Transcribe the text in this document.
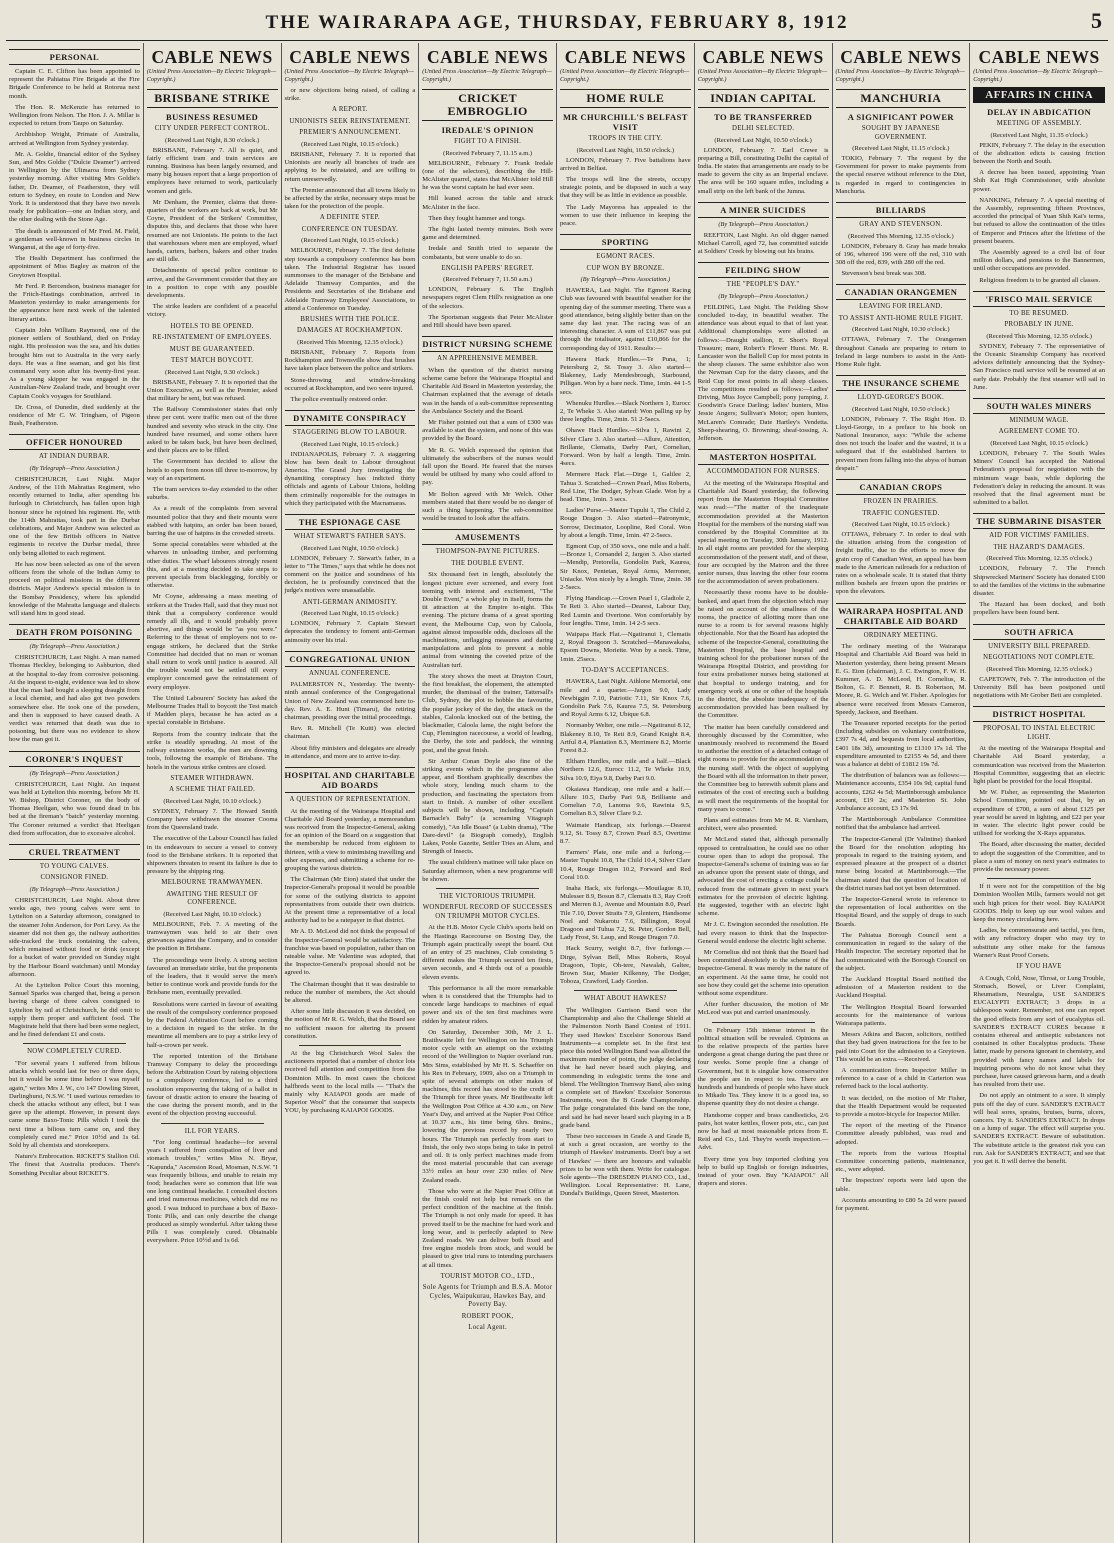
THE WAIRARAPA AGE, THURSDAY, FEBRUARY 8, 1912	5
PERSONAL

Captain C. E. Clifton has been appointed to represent the Pahiatua Fire Brigade at the Fire Brigade Conference to be held at Rotorua next month.

The Hon. R. McKenzie has returned to Wellington from Nelson. The Hon. J. A. Millar is expected to return from Taupo on Saturday.

Archbishop Wright, Primate of Australia, arrived at Wellington from Sydney yesterday.

Mr. A. Goldie, financial editor of the Sydney Sun, and Mrs Goldie ("Dulcie Deamer") arrived in Wellington by the Ulimaroa from Sydney yesterday morning. After visiting Mrs Goldie's father, Dr. Deamer, of Featherston, they will return to Sydney, en route to London and New York. It is understood that they have two novels ready for publication—one an Indian story, and the other dealing with the Stone Age.

The death is announced of Mr Fred. M. Field, a gentleman well-known in business circles in Wanganui, at the age of forty-five.

The Health Department has confirmed the appointment of Miss Bagley as matron of the Greytown Hospital.

Mr Ferd. P. Bercendson, business manager for the Fritch-Hastings combination, arrived in Masterton yesterday to make arrangements for the appearance here next week of the talented literary artists.

Captain John William Raymond, one of the pioneer settlers of Southland, died on Friday night. His profession was the sea, and his duties brought him out to Australia in the very early days. He was a fine seaman, and got his first command very soon after his twenty-first year. As a young skipper he was engaged in the Australian-New Zealand trade, and brought over Captain Cook's voyages for Southland.

Dr. Cross, of Dunedin, died suddenly at the residence of Mr C. W. Tringham, of Pigeon Bush, Featherston.

OFFICER HONOURED
AT INDIAN DURBAR.
(By Telegraph—Press Association.)

CHRISTCHURCH, Last Night. Major Andrew, of the 11th Mahrattas Regiment, who recently returned to India, after spending his furlough in Christchurch, has fallen upon high honour since he rejoined his regiment. He, with the 114th Mahrattas, took part in the Durbar celebrations, and Major Andrew was selected as one of the few British officers in Native regiments to receive the Durbar medal, three only being allotted to each regiment.

He has now been selected as one of the seven officers from the whole of the Indian Army to proceed on political missions in the different districts. Major Andrew's special mission is to the Bombay Presidency, where his splendid knowledge of the Mahratta language and dialects will stand him in good stead.

DEATH FROM POISONING
(By Telegraph—Press Association.)

CHRISTCHURCH, Last Night. A man named Thomas Heckley, belonging to Ashburton, died at the hospital to-day from corrosive poisoning. At the inquest to-night, evidence was led to show that the man had bought a sleeping draught from a local chemist, and had also got two powders somewhere else. He took one of the powders, and then is supposed to have caused death. A verdict was returned that death was due to poisoning, but there was no evidence to show how the man got it.

CORONER'S INQUEST
(By Telegraph—Press Association.)

CHRISTCHURCH, Last Night. An inquest was held at Lyttelton this morning, before Mr H. W. Bishop, District Coroner, on the body of Thomas Heeligan, who was found dead in his bed at the fireman's "batch" yesterday morning. The Coroner returned a verdict that Heeligan died from suffocation, due to excessive alcohol.

CRUEL TREATMENT
TO YOUNG CALVES.
CONSIGNOR FINED.
(By Telegraph—Press Association.)

CHRISTCHURCH, Last Night. About three weeks ago, two young calves were sent to Lyttelton on a Saturday afternoon, consigned to the steamer John Anderson, for Port Levy. As the steamer did not then go, the railway authorities side-tracked the truck containing the calves, which remained without food or drink (except for a bucket of water provided on Sunday night by the Harbour Board watchman) until Monday afternoon.

At the Lyttelton Police Court this morning, Samuel Sparks was charged that, being a person having charge of three calves consigned to Lyttelton by rail at Christchurch, he did omit to supply them proper and sufficient food. The Magistrate held that there had been some neglect, and he fined defendant £1 and costs.

NOW COMPLETELY CURED.

"For several years I suffered from bilious attacks which would last for two or three days, but it would be some time before I was myself again," writes Mrs J. W., c/o 147 Dowling Street, Darlinghurst, N.S.W. "I used various remedies to check the attacks without any effect, but I was gave up the attempt. However, in present days came some Baxo-Tonic Pills which I took the next time a bilious turn came on, and they completely cured me." Price 10½d and 1s 6d. Sold by all chemists and storekeepers.

Nature's Embrocation. RICKET'S Stallion Oil. The finest that Australia produces. There's Something Peculiar about RICKET'S.

CABLE NEWS
(United Press Association—By Electric Telegraph—Copyright.)
BRISBANE STRIKE
BUSINESS RESUMED
CITY UNDER PERFECT CONTROL.
(Received Last Night, 8.30 o'clock.)

BRISBANE, February 7. All is quiet, and fairly efficient tram and train services are running. Business has been largely resumed, and many big houses report that a large proportion of employees have returned to work, particularly women and girls.

Mr Denham, the Premier, claims that three-quarters of the workers are back at work, but Mr Coyne, President of the Strikers' Committee, disputes this, and declares that those who have resumed are not Unionists. He points to the fact that warehouses where men are employed, wharf hands, carters, barbers, bakers and other trades are still idle.

Detachments of special police continue to arrive, and the Government consider that they are in a position to cope with any possible developments.

The strike leaders are confident of a peaceful victory.

HOTELS TO BE OPENED.
RE-INSTATEMENT OF EMPLOYEES.
MUST BE GUARANTEED.
TEST MATCH BOYCOTT.
(Received Last Night, 9.30 o'clock.)

BRISBANE, February 7. It is reported that the Union Executive, as well as the Premier, asked that military be sent, but was refused.

The Railway Commissioner states that only three per cent. were traffic men out of the three hundred and seventy who struck in the city. One hundred have resumed, and some others have asked to be taken back, but have been declined, and their places are to be filled.

The Government has decided to allow the hotels to open from noon till three to-morrow, by way of an experiment.

The tram services to-day extended to the other suburbs.

As a result of the complaints from several mounted police that they and their mounts were stabbed with hatpins, an order has been issued, barring the use of hatpins in the crowded streets.

Some special constables were whistled at the wharves in unloading timber, and performing other duties. The wharf labourers strongly resent this, and at a meeting decided to take steps to prevent specials from blacklegging, forcibly or otherwise.

Mr Coyne, addressing a mass meeting of strikers at the Trades Hall, said that they must not think that a compulsory conference would remedy all ills, and it would probably prove abortive, and things would be "as you were." Referring to the threat of employers not to re-engage strikers, he declared that the Strike Committee had decided that no man or woman shall return to work until justice is assured. All the trouble would not be settled till every employer concerned gave the reinstatement of every employee.

The United Labourers' Society has asked the Melbourne Trades Hall to boycott the Test match if Madden plays, because he has acted as a special constable in Brisbane.

Reports from the country indicate that the strike is steadily spreading. At most of the railway extension works, the men are downing tools, following the example of Brisbane. The hotels in the various strike centres are closed.

STEAMER WITHDRAWN.
A SCHEME THAT FAILED.
(Received Last Night, 10.10 o'clock.)

SYDNEY, February 7. The Howard Smith Company have withdrawn the steamer Cooma from the Queensland trade.

The executive of the Labour Council has failed in its endeavours to secure a vessel to convey food to the Brisbane strikers. It is reported that shipowners threaten to resent its failure is due to pressure by the shipping ring.

MELBOURNE TRAMWAYMEN.
AWAITING THE RESULT OF CONFERENCE.
(Received Last Night, 10.10 o'clock.)

MELBOURNE, Feb. 7. A meeting of the tramwaymen was held to air their own grievances against the Company, and to consider the position in Brisbane.

The proceedings were lively. A strong section favoured an immediate strike, but the proponents of the leaders, that it would serve the men's better to continue work and provide funds for the Brisbane men, eventually prevailed.

Resolutions were carried in favour of awaiting the result of the compulsory conference proposed by the Federal Arbitration Court before coming to a decision in regard to the strike. In the meantime all members are to pay a strike levy of half-a-crown per week.

The reported intention of the Brisbane Tramway Company to delay the proceedings before the Arbitration Court by raising objections to a compulsory conference, led to a third resolution empowering the taking of a ballot in favour of drastic action to ensure the hearing of the case during the present month, and in the event of the objection proving successful.

ILL FOR YEARS.

"For long continual headache—for several years I suffered from constipation of liver and stomach troubles," writes Miss N. Bryar, "Kapunda," Ascension Road, Mosman, N.S.W. "I was frequently bilious, and unable to retain my food; headaches were so common that life was one long continual headache. I consulted doctors and tried numerous medicines, which did me no good. I was induced to purchase a box of Baxo-Tonic Pills, and can only describe the change produced as simply wonderful. After taking these Pills I was completely cured. Obtainable everywhere. Price 10½d and 1s 6d.

CABLE NEWS
(United Press Association—By Electric Telegraph—Copyright.)

or new objections being raised, of calling a strike.

A REPORT.
UNIONISTS SEEK REINSTATEMENT.
PREMIER'S ANNOUNCEMENT.
(Received Last Night, 10.15 o'clock.)

BRISBANE, February 7. It is reported that Unionists are nearly all branches of trade are applying to be reinstated, and are willing to return unreservedly.

The Premier announced that all towns likely to be affected by the strike, necessary steps must be taken for the protection of the people.

A DEFINITE STEP.
CONFERENCE ON TUESDAY.
(Received Last Night, 10.15 o'clock.)

MELBOURNE, February 7. The first definite step towards a compulsory conference has been taken. The Industrial Registrar has issued summonses to the manager of the Brisbane and Adelaide Tramway Companies, and the Presidents and Secretaries of the Brisbane and Adelaide Tramway Employees' Associations, to attend a Conference on Tuesday.

BRUSHES WITH THE POLICE.
DAMAGES AT ROCKHAMPTON.
(Received This Morning, 12.35 o'clock.)

BRISBANE, February 7. Reports from Rockhampton and Townsville show that brushes have taken place between the police and strikers.

Stone-throwing and window-breaking occurred at Rockhampton, and two were injured.

The police eventually restored order.

DYNAMITE CONSPIRACY
STAGGERING BLOW TO LABOUR.
(Received Last Night, 10.15 o'clock.)

INDIANAPOLIS, February 7. A staggering blow has been dealt to Labour throughout America. The Grand Jury investigating the dynamiting conspiracy has indicted thirty officials and agents of Labour Unions, holding them criminally responsible for the outrages in which they participated with the Macnamaras.

THE ESPIONAGE CASE
WHAT STEWART'S FATHER SAYS.
(Received Last Night, 10.50 o'clock.)

LONDON, February 7. Stewart's father, in a letter to "The Times," says that while he does not comment on the justice and soundness of his decision, he is profoundly convinced that the judge's motives were unassailable.

ANTI-GERMAN ANIMOSITY.
(Received Last Night, 10.15 o'clock.)

LONDON, February 7. Captain Stewart deprecates the tendency to foment anti-German animosity over his trial.

CONGREGATIONAL UNION
ANNUAL CONFERENCE.

PALMERSTON N., Yesterday. The twenty-ninth annual conference of the Congregational Union of New Zealand was commenced here to-day. Rev. A. E. Hunt (Timaru), the retiring chairman, presiding over the initial proceedings.

Rev. R. Mitchell (Te Kuiti) was elected chairman.

About fifty ministers and delegates are already in attendance, and more are to arrive to-day.

HOSPITAL AND CHARITABLE AID BOARDS
A QUESTION OF REPRESENTATION.

At the meeting of the Wairarapa Hospital and Charitable Aid Board yesterday, a memorandum was received from the Inspector-General, asking for an opinion of the Board on a suggestion that the membership be reduced from eighteen to thirteen, with a view to minimising travelling and other expenses, and submitting a scheme for re-grouping the various districts.

The Chairman (Mr Eton) stated that under the Inspector-General's proposal it would be possible for some of the outlying districts to appoint representatives from outside their own districts. At the present time a representative of a local authority had to be a ratepayer in that district.

Mr A. D. McLeod did not think the proposal of the Inspector-General would be satisfactory. The franchise was based on population, rather than on rateable value. Mr Valentine was adopted, that the Inspector-General's proposal should not be agreed to.

The Chairman thought that it was desirable to reduce the number of members, the Act should be altered.

After some little discussion it was decided, on the motion of Mr R. G. Welch, that the Board see no sufficient reason for altering its present constitution.

At the big Christchurch Wool Sales the auctioneers reported that a number of choice lots received full attention and competition from the Dominion Mills. In most cases the choicest halfbreds went to the local mills — "That's the mainly why KAIAPOI goods are made of Superior Wool" that the consumer that suspects YOU, by purchasing KAIAPOI GOODS.

CABLE NEWS
(United Press Association—By Electric Telegraph—Copyright.)
CRICKET EMBROGLIO
IREDALE'S OPINION
FIGHT TO A FINISH.
(Received February 7, 11.15 a.m.)

MELBOURNE, February 7. Frank Iredale (one of the selectors), describing the Hill-McAlister quarrel, states that McAlister told Hill he was the worst captain he had ever seen.

Hill leaned across the table and struck McAlister in the face.

Then they fought hammer and tongs.

The fight lasted twenty minutes. Both were game and determined.

Iredale and Smith tried to separate the combatants, but were unable to do so.

ENGLISH PAPERS' REGRET.
(Received February 7, 11.50 a.m.)

LONDON, February 6. The English newspapers regret Clem Hill's resignation as one of the selectors.

The Sportsman suggests that Peter McAlister and Hill should have been spared.

DISTRICT NURSING SCHEME
AN APPREHENSIVE MEMBER.

When the question of the district nursing scheme came before the Wairarapa Hospital and Charitable Aid Board in Masterton yesterday, the Chairman explained that the average of details was in the hands of a sub-committee representing the Ambulance Society and the Board.

Mr Fisher pointed out that a sum of £300 was available to start the system, and none of this was provided by the Board.

Mr R. G. Welch expressed the opinion that ultimately the subscribers of the nurses would fall upon the Board. He feared that the nurses would be utilised by many who could afford to pay.

Mr Bolton agreed with Mr Welch. Other members stated that there would be no danger of such a thing happening. The sub-committee would be trusted to look after the affairs.

AMUSEMENTS
THOMPSON-PAYNE PICTURES.
THE DOUBLE EVENT.

Six thousand feet in length, absolutely the longest picture ever screened, and every foot teeming with interest and excitement, "The Double Event," a whole play in itself, forms the tit attraction at the Empire to-night. This evening. The picture drama of a great sporting event, the Melbourne Cup, won by Caloola, against almost impossible odds, discloses all the machinations, unflagging measures and daring manipulations and plots to prevent a noble animal from winning the coveted prize of the Australian turf.

The story shows the meet at Drayton Court, the first breakfast, the elopement, the attempted murder, the dismissal of the trainer, Tattersall's Club, Sydney, the plot to hobble the favourite, the popular jockey of the day, the attack on the stables, Caloola knocked out of the betting, the blackmailer, Caloola lame, the night before the Cup, Flemington racecourse, a world of leading, the Derby, the tote and paddock, the winning post, and the great finish.

Sir Arthur Conan Doyle also fine of the striking events which in the programme also appear, and Bootham graphically describes the whole story, lending much charm to the production, and fascinating the spectators from start to finish. A number of other excellent subjects will be shown, including "Captain Barnacle's Baby" (a screaming Vitagraph comedy), "An Idle Boast" (a Lubin drama), "The Dare-devil" (a Biograph comedy), English Lakes, Poole Gazette, Settler Tries an Alum, and Strength of Insects.

The usual children's matinee will take place on Saturday afternoon, when a new programme will be shown.

THE VICTORIOUS TRIUMPH.
WONDERFUL RECORD OF SUCCESSES ON TRIUMPH MOTOR CYCLES.

At the H.B. Motor Cycle Club's sports held on the Hastings Racecourse on Boxing Day, the Triumph again practically swept the board. Out of an entry of 25 machines, Club consisting 5 different makes the Triumph secured ten firsts, seven seconds, and 4 thirds out of a possible eleven events.

This performance is all the more remarkable when it is considered that the Triumphs had to concede large handicaps to machines of equal power and six of the ten first machines were ridden by amateur riders.

On Saturday, December 30th, Mr J. L. Braithwaite left for Wellington on his Triumph motor cycle with an attempt on the existing record of the Wellington to Napier overland run. Mrs Sims, established by Mr H. S. Schaeffer on his Rex in February, 1909, also on a Triumph in spite of several attempts on other makes of machines, this record has stood to the credit of the Triumph for three years. Mr Braithwaite left the Wellington Post Office at 4.30 a.m., on New Year's Day, and arrived at the Napier Post Office at 10.37 a.m., his time being 6hrs. 8mins., lowering the previous record by nearly two hours. The Triumph ran perfectly from start to finish, the only two stops being to take in petrol and oil. It is only perfect machines made from the most material procurable that can average 33½ miles an hour over 230 miles of New Zealand roads.

Those who were at the Napier Post Office at the finish could not help but remark on the perfect condition of the machine at the finish. The Triumph is not only made for speed. It has proved itself to be the machine for hard work and long wear, and is perfectly adapted to New Zealand roads. We can deliver both fixed and free engine models from stock, and would be pleased to give trial runs to intending purchasers at all times.

TOURIST MOTOR CO., LTD.,
Sole Agents for Triumph and B.S.A. Motor Cycles, Waipukurau, Hawkes Bay, and Poverty Bay.
ROBERT POOK,
Local Agent.
CABLE NEWS
(United Press Association—By Electric Telegraph—Copyright.)
HOME RULE
MR CHURCHILL'S BELFAST VISIT
TROOPS IN THE CITY.
(Received Last Night, 10.50 o'clock.)

LONDON, February 7. Five battalions have arrived in Belfast.

The troops will line the streets, occupy strategic points, and be disposed in such a way that they will be as little in evidence as possible.

The Lady Mayoress has appealed to the women to use their influence in keeping the peace.

SPORTING
EGMONT RACES.
CUP WON BY BRONZE.
(By Telegraph—Press Association.)

HAWERA, Last Night. The Egmont Racing Club was favoured with beautiful weather for the opening day of the summer meeting. There was a good attendance, being slightly better than on the same day last year. The racing was of an interesting character. A sum of £11,867 was put through the totalisator, against £10,866 for the corresponding day of 1911. Results:—

Hawera Hack Hurdles.—Te Puna, 1; Petersburg 2, St. Tossy 3. Also started—Blakeney, Lady Mendesbrough, Starbound, Pilligan. Won by a bare neck. Time, 1min. 44 1-5 secs.

Whenuku Hurdles.—Black Northern 1, Eurocc 2, Te Wheke 3. Also started: Won palling up by three lengths. Time, 2min. 51 2-5secs.

Ohawe Hack Hurdles.—Silva 1, Rawini 2, Silver Clare 3. Also started:—Allure, Attention, Brillante, Clematis, Darby Pari, Cornelian, Forward. Won by half a length. Time, 2min. 4secs.

Mermere Hack Flat.—Dirge 1, Galilee 2, Tahua 3. Scratched—Crown Pearl, Miss Roberts, Red Line, The Dodger, Sylvan Glade. Won by a head. Time, 1min. 3 secs.

Ladies' Purse.—Master Tupuhi 1, The Child 2, Rouge Dragon 3. Also started—Patronymic, Sorrow, Decimator, Loopline, Red Coral. Won by about a length. Time, 1min. 47 2-5secs.

Egmont Cup, of 350 sovs., one mile and a half.—Bronze 1, Cornandel 2, Jargon 3. Also started—Mendip, Pretorella, Gondolin Park, Kaurea, Sir Knox, Pentetan, Royal Arms, Merroner, Uniacke. Won nicely by a length. Time, 2min. 38 2-5secs.

Flying Handicap.—Crown Pearl 1, Gladiole 2, Te Reti 3. Also started—Dearest, Labour Day, Red Lumin and Overtone. Won comfortably by four lengths. Time, 1min. 14 2-5 secs.

Waipapa Hack Flat.—Ngatiranui 1, Clematis 2, Royal Dragoon 3. Scratched—Manawakaha, Epsom Downs, Moriette. Won by a neck. Time, 1min. 25secs.

TO-DAY'S ACCEPTANCES.

HAWERA, Last Night. Athlone Memorial, one mile and a quarter.—Jargon 9.0, Lady Newbiggin 7.10, Patriotic 7.11, Sir Knox 7.6, Gondolin Park 7.6, Kaurea 7.5, St. Petersburg and Royal Arms 6.12, Ubique 6.8.

Normanby Welter, one mile.—Ngatiranui 8.12, Blakeney 8.10, Te Reti 8.9, Grand Knight 8.4, Artful 8.4, Plantation 8.3, Merrimere 8.2, Morrie Forest 8.2.

Eltham Hurdles, one mile and a half.—Black Northern 12.6, Eurocc 11.2, Te Wheke 10.9, Silva 10.9, Eiya 9.8, Darby Pari 9.0.

Okaiawa Handicap, one mile and a half.—Allure 10.5, Darby Pari 9.8, Brilliante and Cornelian 7.0, Lanoma 9.6, Rawinia 9.5, Cornelian 8.3, Silver Clare 9.2.

Waimate Handicap, six furlongs.—Dearest 9.12, St. Tossy 8.7, Crown Pearl 8.5, Overtime 8.7.

Farmers' Plate, one mile and a furlong.—Master Tupuhi 10.8, The Child 10.4, Silver Clare 10.4, Rouge Dragon 10.2, Forward and Red Coral 10.0.

Inaha Hack, six furlongs.—Mouilague 8.10, Mulesser 8.9, Bosun 8.7, Clematis 8.3, Ray Croft and Merren 8.1, Avenue and Mountain 8.0, Pearl Tile 7.10, Dover Straits 7.9, Glentern, Handsome Noel and Nukarotu 7.6, Billington, Royal Dragoon and Tuhua 7.2, St. Peter, Gordon Bell, Lady Frost, St. Laup, and Rouge Dragon 7.0.

Hack Scurry, weight 8.7, five furlongs.—Dirge, Sylvan Bell, Miss Roberts, Royal Dragoon, Topic, Oh-tere, Nawalah, Galtee, Brown Star, Master Kilkenny, The Dodger, Toboza, Crawford, Lady Gordon.

WHAT ABOUT HAWKES?

The Wellington Garrison Band won the Championship and also the Challenge Shield at the Palmerston North Band Contest of 1911. They used Hawkes' Excelsior Sonorous Band Instruments—a complete set. In the first test piece this noted Wellington Band was allotted the maximum number of points, the judge declaring that he had never heard such playing, and commending in eulogistic terms the tone and blend. The Wellington Tramway Band, also using a complete set of Hawkes' Excelsior Sonorous Instruments, won the B Grade Championship. The judge congratulated this band on the tone, and said he had never heard such playing in a B grade band.

These two successes in Grade A and Grade B, at such a great occasion, are worthy to the triumph of Hawkes' instruments. Don't buy a set of Hawkes' — there are honours and valuable prizes to be won with them. Write for catalogue. Sole agents—The DRESDEN PIANO CO., Ltd., Wellington. Local Representative: H. Lane, Dundal's Buildings, Queen Street, Masterton.

CABLE NEWS
(United Press Association—By Electric Telegraph—Copyright.)
INDIAN CAPITAL
TO BE TRANSFERRED
DELHI SELECTED.
(Received Last Night, 10.50 o'clock.)

LONDON, February 7. Earl Crewe is preparing a Bill, constituting Delhi the capital of India. He states that arrangements are ready to be made to govern the city as an Imperial enclave. The area will be 160 square miles, including a small strip on the left bank of the Jumna.

A MINER SUICIDES
(By Telegraph—Press Association.)

REEFTON, Last Night. An old digger named Michael Carroll, aged 72, has committed suicide at Soldiers' Creek by blowing out his brains.

FEILDING SHOW
THE "PEOPLE'S DAY."
(By Telegraph—Press Association.)

FEILDING, Last Night. The Feilding Show concluded to-day, in beautiful weather. The attendance was about equal to that of last year. Additional championships were allotted as follows:—Draught stallion, E. Short's Royal Treasure; mare, Robert's Flower Hurst. Mr. R. Lancaster won the Ballell Cup for most points in the sheep classes. The same exhibitor also won the Newman Cup for the dairy classes, and the Reid Cup for most points in all sheep classes. The competitions resulted as follows:—Ladies' Driving, Miss Joyce Campbell; pony jumping, J. Goodwin's Grace Darling; ladies' hunters, Miss Jessie Angers; Sullivan's Motor; open hunters, McLaren's Comrade; Date Hartley's Vendetta. Sheep-shearing, O. Browning; sheaf-tossing, A. Jefferson.

MASTERTON HOSPITAL
ACCOMMODATION FOR NURSES.

At the meeting of the Wairarapa Hospital and Charitable Aid Board yesterday, the following report from the Masterton Hospital Committee was read:—"The matter of the inadequate accommodation provided at the Masterton Hospital for the members of the nursing staff was considered by the Hospital Committee at its special meeting on Tuesday, 30th January, 1912. In all eight rooms are provided for the sleeping accommodation of the present staff, and of these, four are occupied by the Matron and the three senior nurses, thus leaving the other four rooms for the accommodation of seven probationers.

Necessarily these rooms have to be double-banked, and apart from the objection which may be raised on account of the smallness of the rooms, the practice of allotting more than one nurse to a room is for several reasons highly objectionable. Nor that the Board has adopted the scheme of the Inspector-General, constituting the Masterton Hospital, the base hospital and training school for the probationer nurses of the Wairarapa Hospital District, and providing for four extra probationer nurses being stationed at that hospital to undergo training, and for emergency work at one or other of the hospitals in the district, the absolute inadequacy of the accommodation provided has been realised by the Committee.

The matter has been carefully considered and thoroughly discussed by the Committee, who unanimously resolved to recommend the Board to authorise the erection of a detached cottage of eight rooms to provide for the accommodation of the nursing staff. With the object of supplying the Board with all the information in their power, the Committee beg to herewith submit plans and estimates of the cost of erecting such a building as will meet the requirements of the hospital for many years to come."

Plans and estimates from Mr M. R. Varnham, architect, were also presented.

Mr McLeod stated that, although personally opposed to centralisation, he could see no other course open than to adopt the proposal. The Inspector-General's scheme of training was so far an advance upon the present state of things, and advocated the cost of erecting a cottage could be reduced from the estimate given in next year's estimates for the provision of electric lighting. He suggested, together with an electric light scheme.

Mr J. C. Ewington seconded the resolution. He had every reason to think that the Inspector-General would endorse the electric light scheme.

Mr Cornelius did not think that the Board had been committed absolutely to the scheme of the Inspector-General. It was merely in the nature of an experiment. At the same time, he could not see how they could get the scheme into operation without some expenditure.

After further discussion, the motion of Mr McLeod was put and carried unanimously.

On February 15th intense interest in the political situation will be revealed. Opinions as to the relative prospects of the parties have undergone a great change during the past three or four weeks. Some people fine a change of Government, but it is singular how conservative the people are in respect to tea. There are hundreds and hundreds of people who have stuck to Mikado Tea. They know it is a good tea, so dispense quantity they do not desire a change.

Handsome copper and brass candlesticks, 2/6 pairs, hot water kettles, flower pots, etc., can just now be had at most reasonable prices from E. Reid and Co., Ltd. They're worth inspection.—Advt.

Every time you buy imported clothing you help to build up English or foreign industries, instead of your own. Buy "KAIAPOI." All drapers and stores.

CABLE NEWS
(United Press Association—By Electric Telegraph—Copyright.)
MANCHURIA
A SIGNIFICANT POWER
SOUGHT BY JAPANESE GOVERNMENT.
(Received Last Night, 11.15 o'clock.)

TOKIO, February 7. The request by the Government for power to make payments from the special reserve without reference to the Diet, is regarded in regard to contingencies in Manchuria.

BILLIARDS
GRAY AND STEVENSON.
(Received This Morning, 12.35 o'clock.)

LONDON, February 8. Gray has made breaks of 196, whereof 196 were off the red, 310 with 308 off the red, 839, with 280 off the red.

Stevenson's best break was 308.

CANADIAN ORANGEMEN
LEAVING FOR IRELAND.
TO ASSIST ANTI-HOME RULE FIGHT.
(Received Last Night, 10.30 o'clock.)

OTTAWA, February 7. The Orangemen throughout Canada are preparing to return to Ireland in large numbers to assist in the Anti-Home Rule fight.

THE INSURANCE SCHEME
LLOYD-GEORGE'S BOOK.
(Received Last Night, 10.50 o'clock.)

LONDON, February 7. The Right Hon. D. Lloyd-George, in a preface to his book on National Insurance, says: "While the scheme does not touch the loafer and the wastrel, it is a safeguard that if the established barriers to prevent men from falling into the abyss of human despair."

CANADIAN CROPS
FROZEN IN PRAIRIES.
TRAFFIC CONGESTED.
(Received Last Night, 10.15 o'clock.)

OTTAWA, February 7. In order to deal with the situation arising from the congestion of freight traffic, due to the efforts to move the grain crop of Canadian West, an appeal has been made to the American railroads for a reduction of rates on a wholesale scale. It is stated that thirty million bushels are frozen upon the prairies or upon the elevators.

WAIRARAPA HOSPITAL AND CHARITABLE AID BOARD
ORDINARY MEETING.

The ordinary meeting of the Wairarapa Hospital and Charitable Aid Board was held in Masterton yesterday, there being present Messrs E. G. Eton (chairman), J. C. Ewington, F. W. H. Kummer, A. D. McLeod, H. Cornelius, R. Bolton, G. F. Bennett, R. B. Robertson, M. Moore, R. G. Welch and W. Fisher. Apologies for absence were received from Messrs Cameron, Speedy, Jackson, and Beetham.

The Treasurer reported receipts for the period (including subsidies on voluntary contributions, £397 7s 4d, and bequests from local authorities, £401 18s 3d), amounting to £1310 17s 1d. The expenditure amounted to £2155 4s 5d, and there was a balance at debit of £1812 19s 7d.

The distribution of balances was as follows:—Maintenance accounts, £354 10s 9d; capital fund accounts, £262 4s 5d; Martinborough ambulance account, £19 2s; and Masterton St. John Ambulance account, £3 17s 9d.

The Martinborough Ambulance Committee notified that the ambulance had arrived.

The Inspector-General (Dr Valintine) thanked the Board for the resolution adopting his proposals in regard to the training system, and expressed pleasure at the prospect of a district nurse being located at Martinborough.—The chairman stated that the question of location of the district nurses had not yet been determined.

The Inspector-General wrote in reference to the representation of local authorities on the Hospital Board, and the supply of drugs to such Boards.

The Pahiatua Borough Council sent a communication in regard to the salary of the Health Inspector. The secretary reported that he had communicated with the Borough Council on the subject.

The Auckland Hospital Board notified the admission of a Masterton resident to the Auckland Hospital.

The Wellington Hospital Board forwarded accounts for the maintenance of various Wairarapa patients.

Messrs Atkins and Bacon, solicitors, notified that they had given instructions for the fee to be paid into Court for the admission to a Greytown. This would be an extra.—Received.

A communication from Inspector Miller in reference to a case of a child in Carterton was referred back to the local authority.

It was decided, on the motion of Mr Fisher, that the Health Department would be requested to provide a motor-bicycle for Inspector Miller.

The report of the meeting of the Finance Committee already published, was read and adopted.

The reports from the various Hospital Committee concerning patients, maintenance, etc., were adopted.

The Inspectors' reports were laid upon the table.

Accounts amounting to £80 5s 2d were passed for payment.

CABLE NEWS
(United Press Association—By Electric Telegraph—Copyright.)
AFFAIRS IN CHINA
DELAY IN ABDICATION
MEETING OF ASSEMBLY.
(Received Last Night, 11.35 o'clock.)

PEKIN, February 7. The delay in the execution of the abdication edicts is causing friction between the North and South.

A decree has been issued, appointing Yuan Shih Kai High Commissioner, with absolute power.

NANKING, February 7. A special meeting of the Assembly, representing fifteen Provinces, accorded the principal of Yuan Shih Kai's terms, but refused to allow the continuation of the titles of Emperor and Princes after the lifetime of the present bearers.

The Assembly agreed to a civil list of four million dollars, and pensions to the Bannermen, until other occupations are provided.

Religious freedom is to be granted all classes.

'FRISCO MAIL SERVICE
TO BE RESUMED.
PROBABLY IN JUNE.
(Received This Morning, 12.35 o'clock.)

SYDNEY, February 7. The representative of the Oceanic Steamship Company has received advices definitely announcing that the Sydney-San Francisco mail service will be resumed at an early date. Probably the first steamer will sail in June.

SOUTH WALES MINERS
MINIMUM WAGE.
AGREEMENT COME TO.
(Received Last Night, 10.15 o'clock.)

LONDON, February 7. The South Wales Miners' Council has accepted the National Federation's proposal for negotiation with the minimum wage basis, while deploring the Federation's delay in reducing the amount. It was resolved that the final agreement must be submitted to a ballot.

THE SUBMARINE DISASTER
AID FOR VICTIMS' FAMILIES.
THE HAZARD'S DAMAGES.
(Received This Morning, 12.35 o'clock.)

LONDON, February 7. The French Shipwrecked Mariners' Society has donated £100 to aid the families of the victims in the submarine disaster.

The Hazard has been docked, and both propellers have been found bent.

SOUTH AFRICA
UNIVERSITY BILL PREPARED.
NEGOTIATIONS NOT COMPLETE.
(Received This Morning, 12.35 o'clock.)

CAPETOWN, Feb. 7. The introduction of the University Bill has been postponed until negotiations with Mr Grober Beit are completed.

DISTRICT HOSPITAL
PROPOSAL TO INSTAL ELECTRIC LIGHT.

At the meeting of the Wairarapa Hospital and Charitable Aid Board yesterday, a communication was received from the Masterton Hospital Committee, suggesting that an electric light plant be provided for the local Hospital.

Mr W. Fisher, as representing the Masterton School Committee, pointed out that, by an expenditure of £700, a sum of about £125 per year would be saved in lighting, and £22 per year in water. The electric light power could be utilised for working the X-Rays apparatus.

The Board, after discussing the matter, decided to adopt the suggestion of the Committee, and to place a sum of money on next year's estimates to provide the necessary power.

If it were not for the competition of the big Dominion Woollen Mills, farmers would not get such high prices for their wool. Buy KAIAPOI GOODS. Help to keep up our wool values and keep the money circulating here.

Ladies, be commensurate and tactful, yes firm, with any refractory draper who may try to substitute any other make for the famous Warner's Rust Proof Corsets.

IF YOU HAVE

A Cough, Cold, Nose, Throat, or Lung Trouble, Stomach, Bowel, or Liver Complaint, Rheumatism, Neuralgia, USE SANDER'S EUCALYPTI EXTRACT; 3 drops in a tablespoon water. Remember, not one can report the good effects from any sort of eucalyptus oil. SANDER'S EXTRACT CURES because it contains ethereal and antiseptic substances not contained in other Eucalyptus products. These latter, made by persons ignorant in chemistry, and provided with fancy names and labels for inquiring persons who do not know what they purchase, have caused grievous harm, and a death has resulted from their use.

Do not apply an ointment to a sore. It simply puts off the day of cure. SANDER'S EXTRACT will heal sores, sprains, bruises, burns, ulcers, cancers. Try it. SANDER'S EXTRACT. In drops on a lump of sugar. The effect will surprise you. SANDER'S EXTRACT. Beware of substitution. The substitute article is the greatest risk you can run. Ask for SANDER'S EXTRACT, and see that you get it. It will derive the benefit.
